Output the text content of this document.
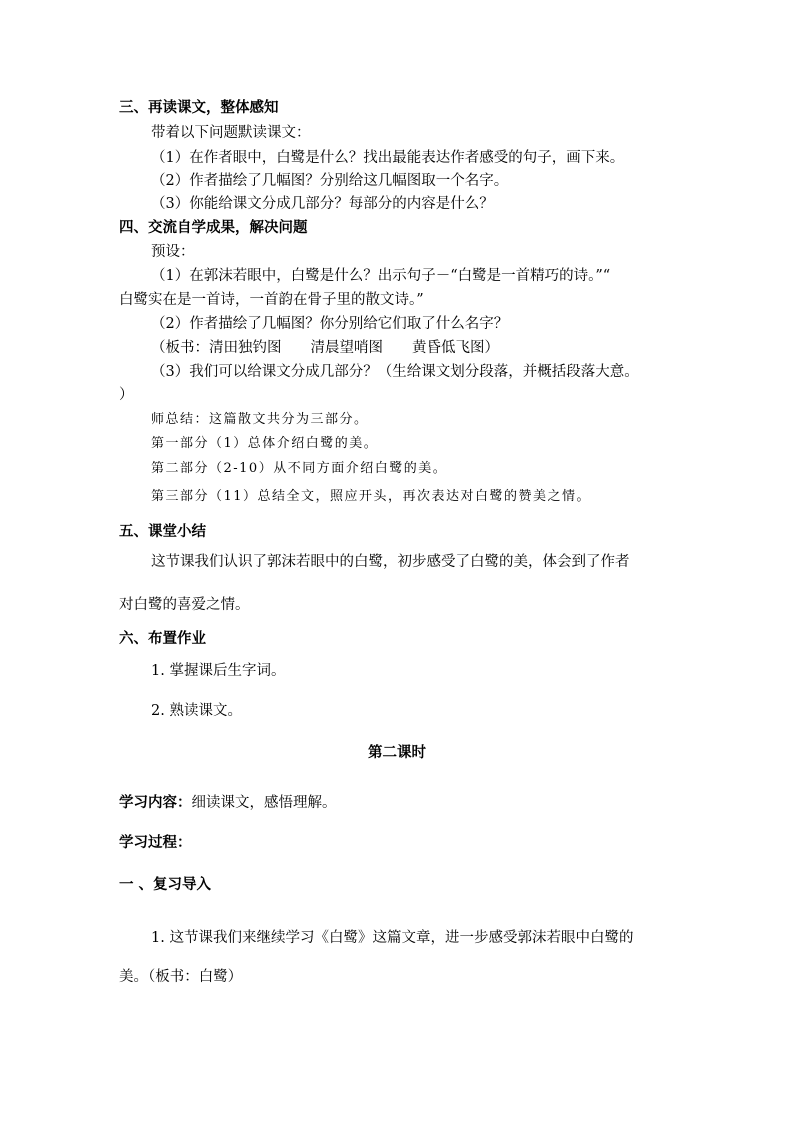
三、再读课文，整体感知
带着以下问题默读课文：
（1）在作者眼中，白鹭是什么？找出最能表达作者感受的句子，画下来。
（2）作者描绘了几幅图？分别给这几幅图取一个名字。
（3）你能给课文分成几部分？每部分的内容是什么？
四、交流自学成果，解决问题
预设：
（1）在郭沫若眼中，白鹭是什么？出示句子－“白鹭是一首精巧的诗。”“
白鹭实在是一首诗，一首韵在骨子里的散文诗。”
（2）作者描绘了几幅图？你分别给它们取了什么名字？
（板书：清田独钓图　　清晨望哨图　　黄昏低飞图）
（3）我们可以给课文分成几部分？（生给课文划分段落，并概括段落大意。
）
师总结：这篇散文共分为三部分。
第一部分（1）总体介绍白鹭的美。
第二部分（2-10）从不同方面介绍白鹭的美。
第三部分（11）总结全文，照应开头，再次表达对白鹭的赞美之情。
五、课堂小结
这节课我们认识了郭沫若眼中的白鹭，初步感受了白鹭的美，体会到了作者
对白鹭的喜爱之情。
六、布置作业
1. 掌握课后生字词。
2. 熟读课文。
第二课时
学习内容：细读课文，感悟理解。
学习过程：
一 、复习导入
1. 这节课我们来继续学习《白鹭》这篇文章，进一步感受郭沫若眼中白鹭的
美。（板书：白鹭）
